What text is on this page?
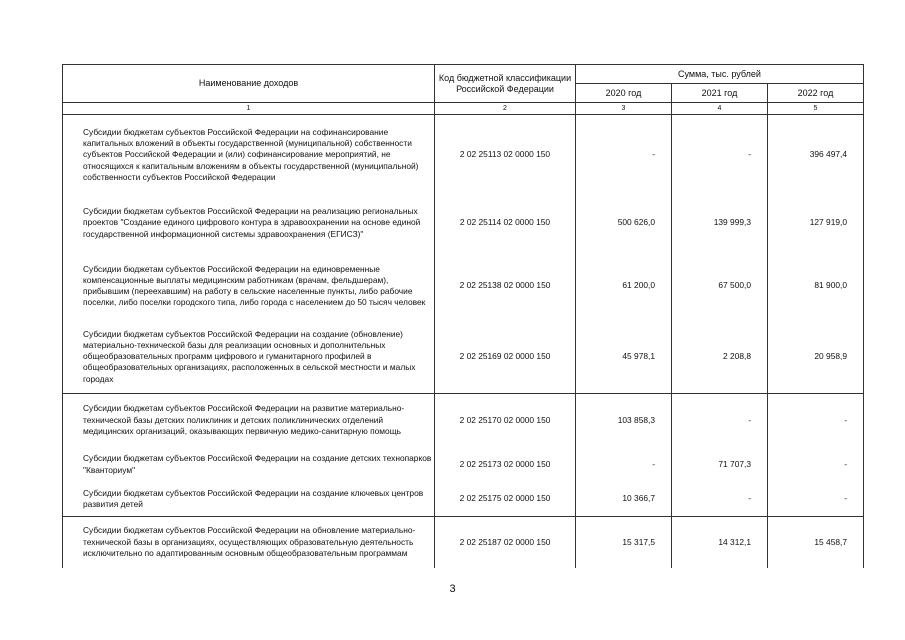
Наименование доходов	Код бюджетной классификации Российской Федерации	Сумма, тыс. рублей		
		2020 год	2021 год	2022 год
1	2	3	4	5
Субсидии бюджетам субъектов Российской Федерации на софинансирование капитальных вложений в объекты государственной (муниципальной) собственности субъектов Российской Федерации и (или) софинансирование мероприятий, не относящихся к капитальным вложениям в объекты государственной (муниципальной) собственности субъектов Российской Федерации	2 02 25113 02 0000 150	-	-	396 497,4
Субсидии бюджетам субъектов Российской Федерации на реализацию региональных проектов "Создание единого цифрового контура в здравоохранении на основе единой государственной информационной системы здравоохранения (ЕГИСЗ)"	2 02 25114 02 0000 150	500 626,0	139 999,3	127 919,0
Субсидии бюджетам субъектов Российской Федерации на единовременные компенсационные выплаты медицинским работникам (врачам, фельдшерам), прибывшим (переехавшим) на работу в сельские населенные пункты, либо рабочие поселки, либо поселки городского типа, либо города с населением до 50 тысяч человек	2 02 25138 02 0000 150	61 200,0	67 500,0	81 900,0
Субсидии бюджетам субъектов Российской Федерации на создание (обновление) материально-технической базы для реализации основных и дополнительных общеобразовательных программ цифрового и гуманитарного профилей в общеобразовательных организациях, расположенных в сельской местности и малых городах	2 02 25169 02 0000 150	45 978,1	2 208,8	20 958,9
Субсидии бюджетам субъектов Российской Федерации на развитие материально-технической базы детских поликлиник и детских поликлинических отделений медицинских организаций, оказывающих первичную медико-санитарную помощь	2 02 25170 02 0000 150	103 858,3	-	-
Субсидии бюджетам субъектов Российской Федерации на создание детских технопарков "Кванториум"	2 02 25173 02 0000 150	-	71 707,3	-
Субсидии бюджетам субъектов Российской Федерации на создание ключевых центров развития детей	2 02 25175 02 0000 150	10 366,7	-	-
Субсидии бюджетам субъектов Российской Федерации на обновление материально-технической базы в организациях, осуществляющих образовательную деятельность исключительно по адаптированным основным общеобразовательным программам	2 02 25187 02 0000 150	15 317,5	14 312,1	15 458,7
3
